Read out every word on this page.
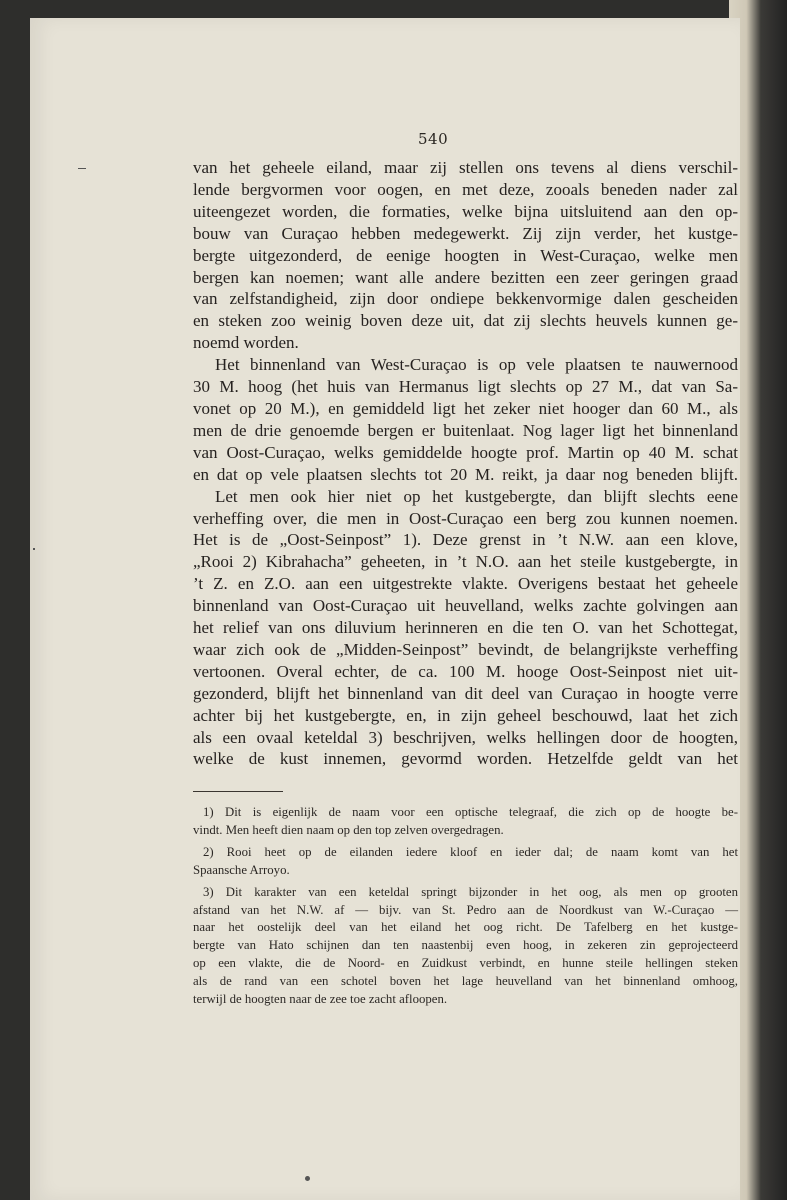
540
van het geheele eiland, maar zij stellen ons tevens al diens verschil-
lende bergvormen voor oogen, en met deze, zooals beneden nader zal
uiteengezet worden, die formaties, welke bijna uitsluitend aan den op-
bouw van Curaçao hebben medegewerkt. Zij zijn verder, het kustge-
bergte uitgezonderd, de eenige hoogten in West-Curaçao, welke men
bergen kan noemen; want alle andere bezitten een zeer geringen graad
van zelfstandigheid, zijn door ondiepe bekkenvormige dalen gescheiden
en steken zoo weinig boven deze uit, dat zij slechts heuvels kunnen ge-
noemd worden.
Het binnenland van West-Curaçao is op vele plaatsen te nauwernood
30 M. hoog (het huis van Hermanus ligt slechts op 27 M., dat van Sa-
vonet op 20 M.), en gemiddeld ligt het zeker niet hooger dan 60 M., als
men de drie genoemde bergen er buitenlaat. Nog lager ligt het binnenland
van Oost-Curaçao, welks gemiddelde hoogte prof. Martin op 40 M. schat
en dat op vele plaatsen slechts tot 20 M. reikt, ja daar nog beneden blijft.
Let men ook hier niet op het kustgebergte, dan blijft slechts eene
verheffing over, die men in Oost-Curaçao een berg zou kunnen noemen.
Het is de „Oost-Seinpost” 1). Deze grenst in ’t N.W. aan een klove,
„Rooi 2) Kibrahacha” geheeten, in ’t N.O. aan het steile kustgebergte, in
’t Z. en Z.O. aan een uitgestrekte vlakte. Overigens bestaat het geheele
binnenland van Oost-Curaçao uit heuvelland, welks zachte golvingen aan
het relief van ons diluvium herinneren en die ten O. van het Schottegat,
waar zich ook de „Midden-Seinpost” bevindt, de belangrijkste verheffing
vertoonen. Overal echter, de ca. 100 M. hooge Oost-Seinpost niet uit-
gezonderd, blijft het binnenland van dit deel van Curaçao in hoogte verre
achter bij het kustgebergte, en, in zijn geheel beschouwd, laat het zich
als een ovaal keteldal 3) beschrijven, welks hellingen door de hoogten,
welke de kust innemen, gevormd worden. Hetzelfde geldt van het
1) Dit is eigenlijk de naam voor een optische telegraaf, die zich op de hoogte be-
vindt. Men heeft dien naam op den top zelven overgedragen.
2) Rooi heet op de eilanden iedere kloof en ieder dal; de naam komt van het
Spaansche Arroyo.
3) Dit karakter van een keteldal springt bijzonder in het oog, als men op grooten
afstand van het N.W. af — bijv. van St. Pedro aan de Noordkust van W.-Curaçao —
naar het oostelijk deel van het eiland het oog richt. De Tafelberg en het kustge-
bergte van Hato schijnen dan ten naastenbij even hoog, in zekeren zin geprojecteerd
op een vlakte, die de Noord- en Zuidkust verbindt, en hunne steile hellingen steken
als de rand van een schotel boven het lage heuvelland van het binnenland omhoog,
terwijl de hoogten naar de zee toe zacht afloopen.
